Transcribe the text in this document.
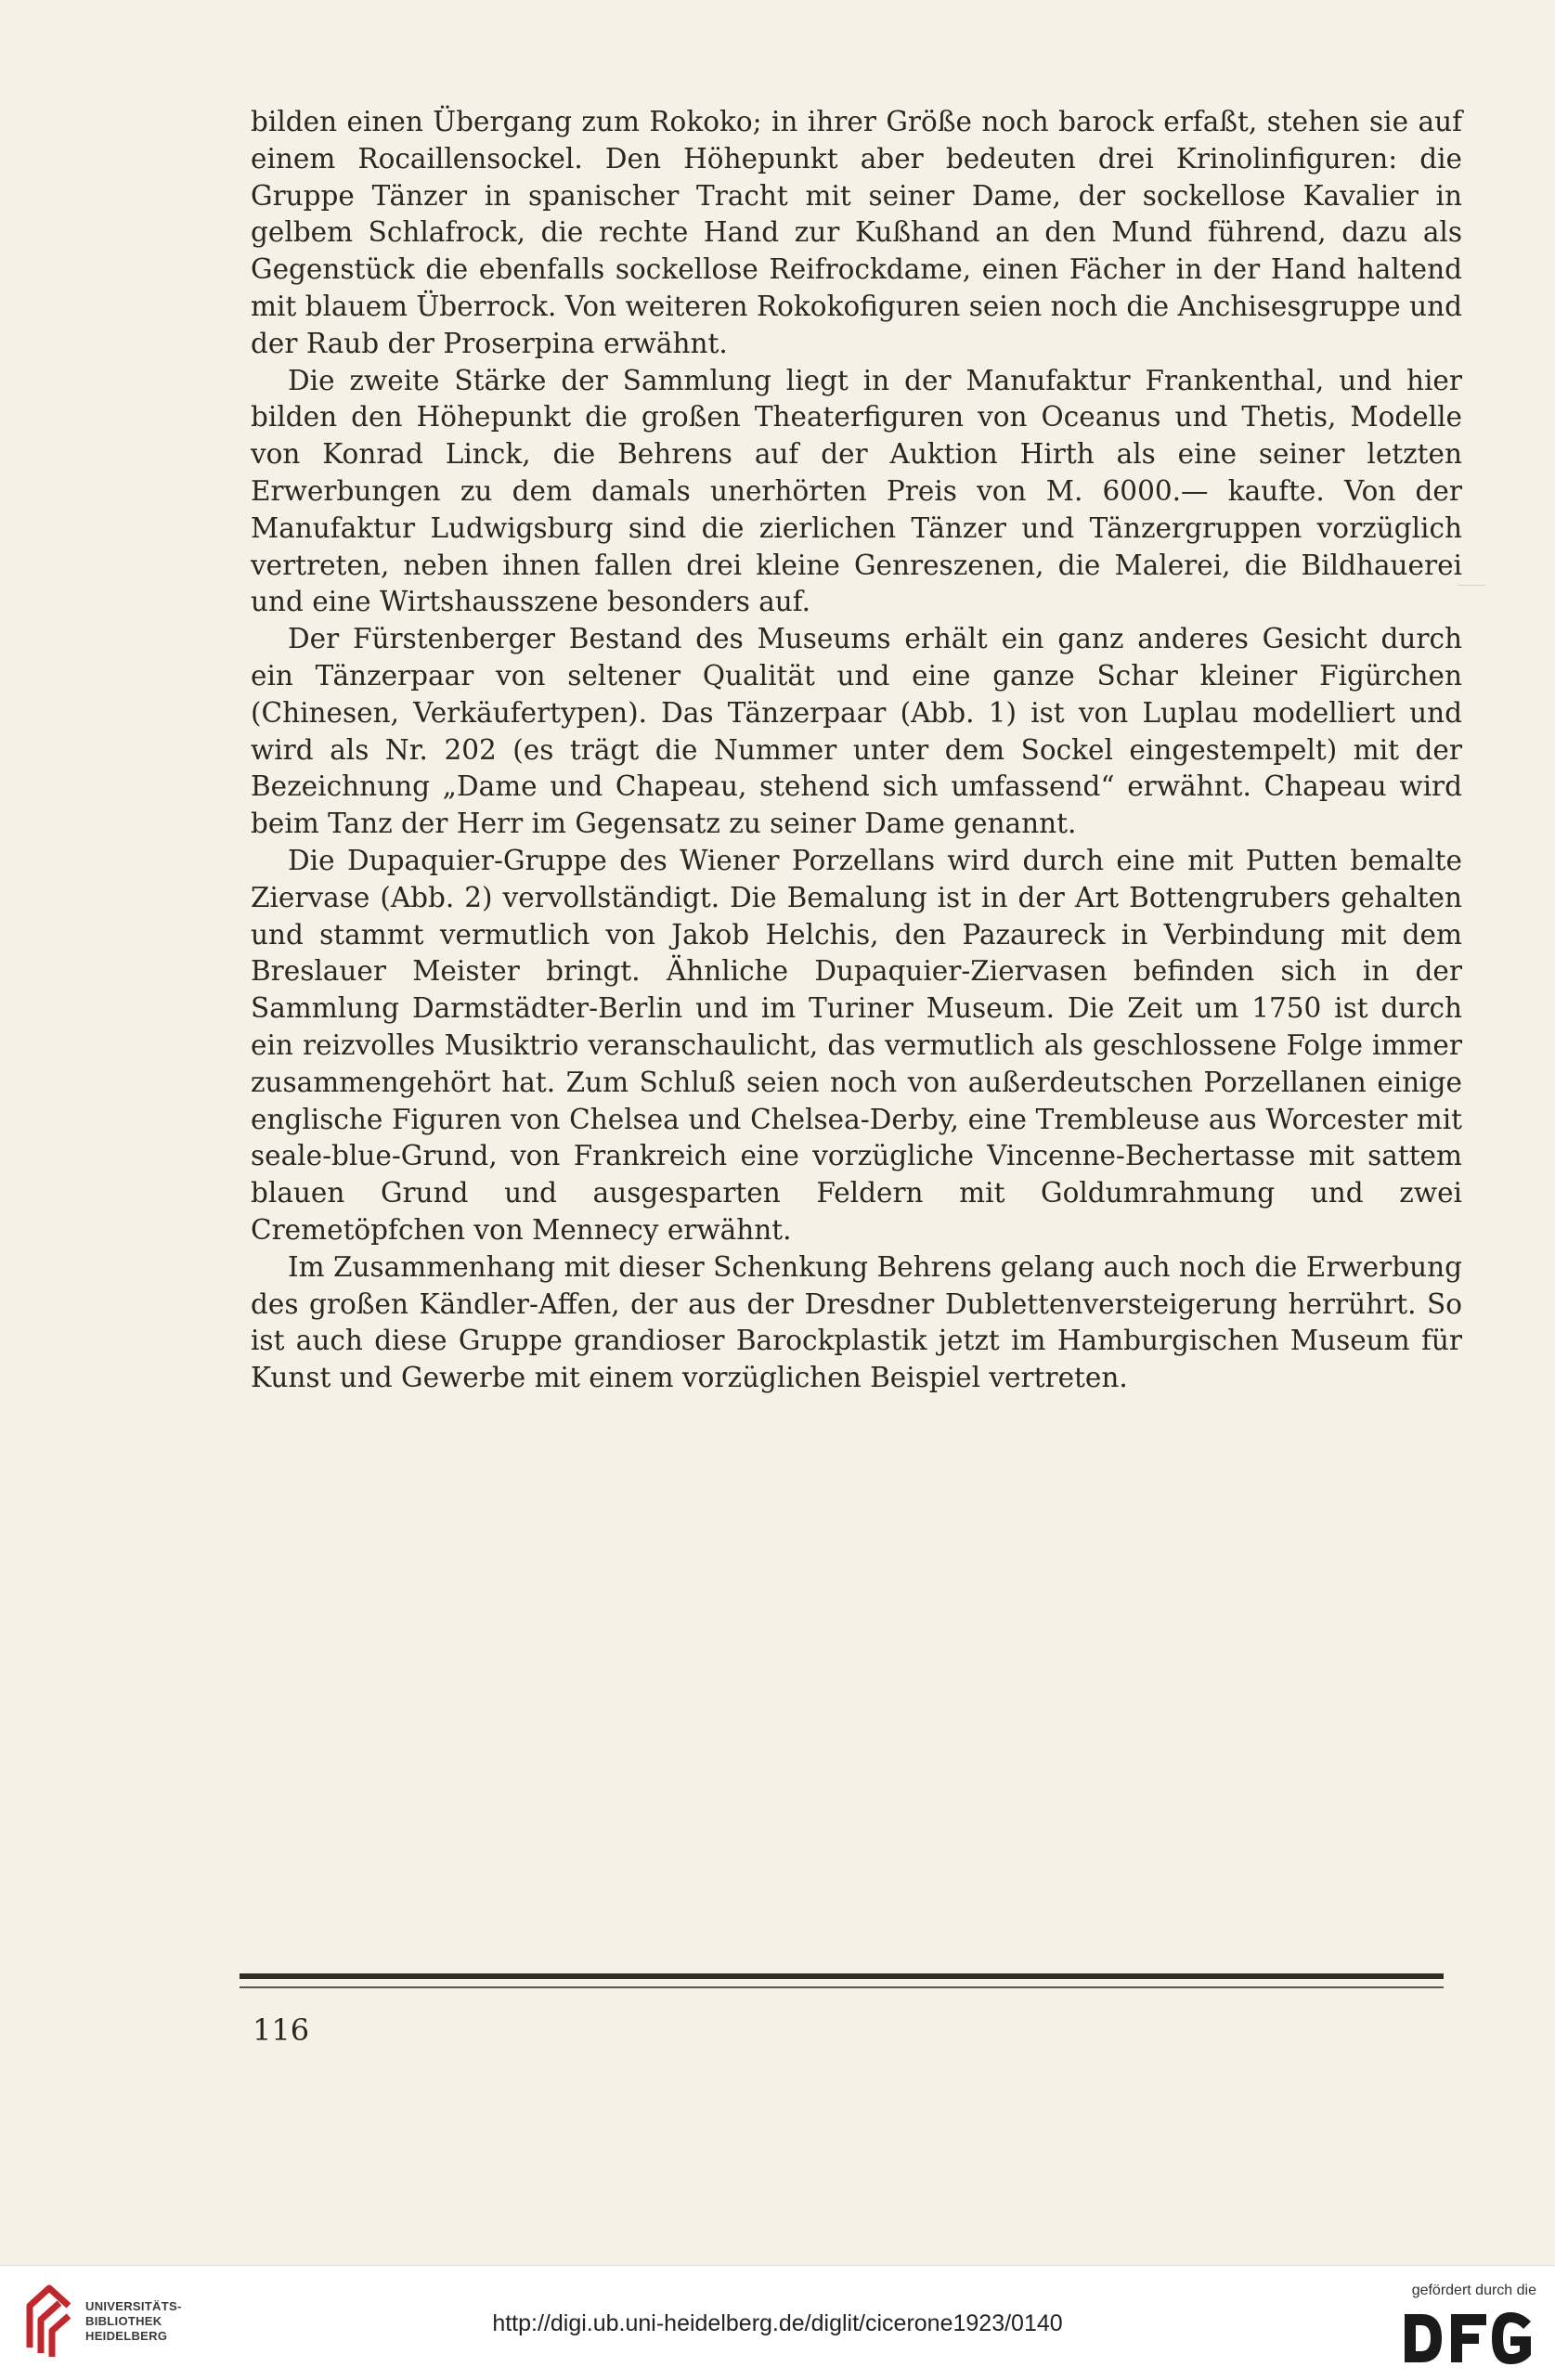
bilden einen Übergang zum Rokoko; in ihrer Größe noch barock erfaßt, stehen sie auf einem Rocaillensockel. Den Höhepunkt aber bedeuten drei Krinolinfiguren: die Gruppe Tänzer in spanischer Tracht mit seiner Dame, der sockellose Kavalier in gelbem Schlafrock, die rechte Hand zur Kußhand an den Mund führend, dazu als Gegenstück die ebenfalls sockellose Reifrockdame, einen Fächer in der Hand haltend mit blauem Überrock. Von weiteren Rokokofiguren seien noch die Anchisesgruppe und der Raub der Proserpina erwähnt.

Die zweite Stärke der Sammlung liegt in der Manufaktur Frankenthal, und hier bilden den Höhepunkt die großen Theaterfiguren von Oceanus und Thetis, Modelle von Konrad Linck, die Behrens auf der Auktion Hirth als eine seiner letzten Erwerbungen zu dem damals unerhörten Preis von M. 6000.— kaufte. Von der Manufaktur Ludwigsburg sind die zierlichen Tänzer und Tänzergruppen vorzüglich vertreten, neben ihnen fallen drei kleine Genreszenen, die Malerei, die Bildhauerei und eine Wirtshausszene besonders auf.

Der Fürstenberger Bestand des Museums erhält ein ganz anderes Gesicht durch ein Tänzerpaar von seltener Qualität und eine ganze Schar kleiner Figürchen (Chinesen, Verkäufertypen). Das Tänzerpaar (Abb. 1) ist von Luplau modelliert und wird als Nr. 202 (es trägt die Nummer unter dem Sockel eingestempelt) mit der Bezeichnung „Dame und Chapeau, stehend sich umfassend“ erwähnt. Chapeau wird beim Tanz der Herr im Gegensatz zu seiner Dame genannt.

Die Dupaquier-Gruppe des Wiener Porzellans wird durch eine mit Putten bemalte Ziervase (Abb. 2) vervollständigt. Die Bemalung ist in der Art Bottengrubers gehalten und stammt vermutlich von Jakob Helchis, den Pazaureck in Verbindung mit dem Breslauer Meister bringt. Ähnliche Dupaquier-Ziervasen befinden sich in der Sammlung Darmstädter-Berlin und im Turiner Museum. Die Zeit um 1750 ist durch ein reizvolles Musiktrio veranschaulicht, das vermutlich als geschlossene Folge immer zusammengehört hat. Zum Schluß seien noch von außerdeutschen Porzellanen einige englische Figuren von Chelsea und Chelsea-Derby, eine Trembleuse aus Worcester mit seale-blue-Grund, von Frankreich eine vorzügliche Vincenne-Bechertasse mit sattem blauen Grund und ausgesparten Feldern mit Goldumrahmung und zwei Cremetöpfchen von Mennecy erwähnt.

Im Zusammenhang mit dieser Schenkung Behrens gelang auch noch die Erwerbung des großen Kändler-Affen, der aus der Dresdner Dublettenversteigerung herrührt. So ist auch diese Gruppe grandioser Barockplastik jetzt im Hamburgischen Museum für Kunst und Gewerbe mit einem vorzüglichen Beispiel vertreten.

116
UNIVERSITÄTS-
BIBLIOTHEK
HEIDELBERG	http://digi.ub.uni-heidelberg.de/diglit/cicerone1923/0140
gefördert durch die
